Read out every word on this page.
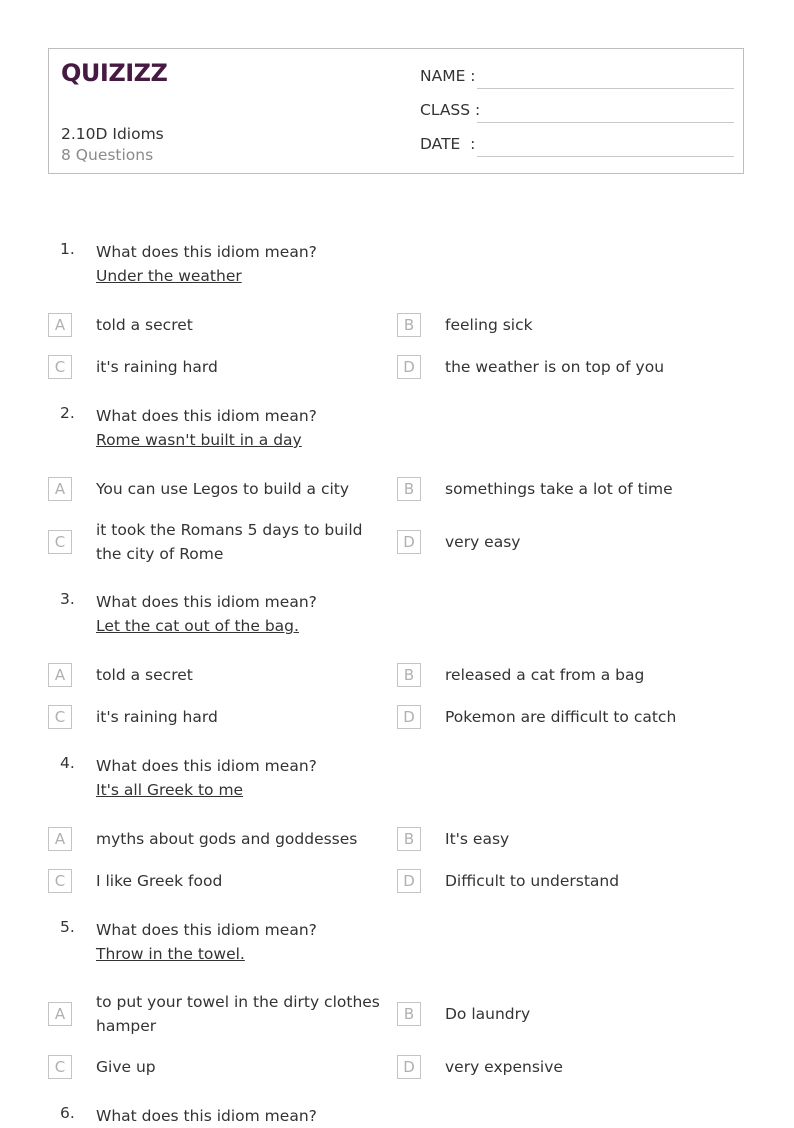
QUIZIZZ
2.10D Idioms
8 Questions
NAME :
CLASS :
DATE  :
1. What does this idiom mean?
Under the weather
A	told a secret	B	feeling sick
C	it's raining hard	D	the weather is on top of you
2. What does this idiom mean?
Rome wasn't built in a day
A	You can use Legos to build a city	B	somethings take a lot of time
C
it took the Romans 5 days to build the city of Rome
D	very easy
3. What does this idiom mean?
Let the cat out of the bag.
A	told a secret	B	released a cat from a bag
C	it's raining hard	D	Pokemon are difficult to catch
4. What does this idiom mean?
It's all Greek to me
A	myths about gods and goddesses	B	It's easy
C	I like Greek food	D	Difficult to understand
5. What does this idiom mean?
Throw in the towel.
A
to put your towel in the dirty clothes hamper
B	Do laundry
C	Give up	D	very expensive
6. What does this idiom mean?
